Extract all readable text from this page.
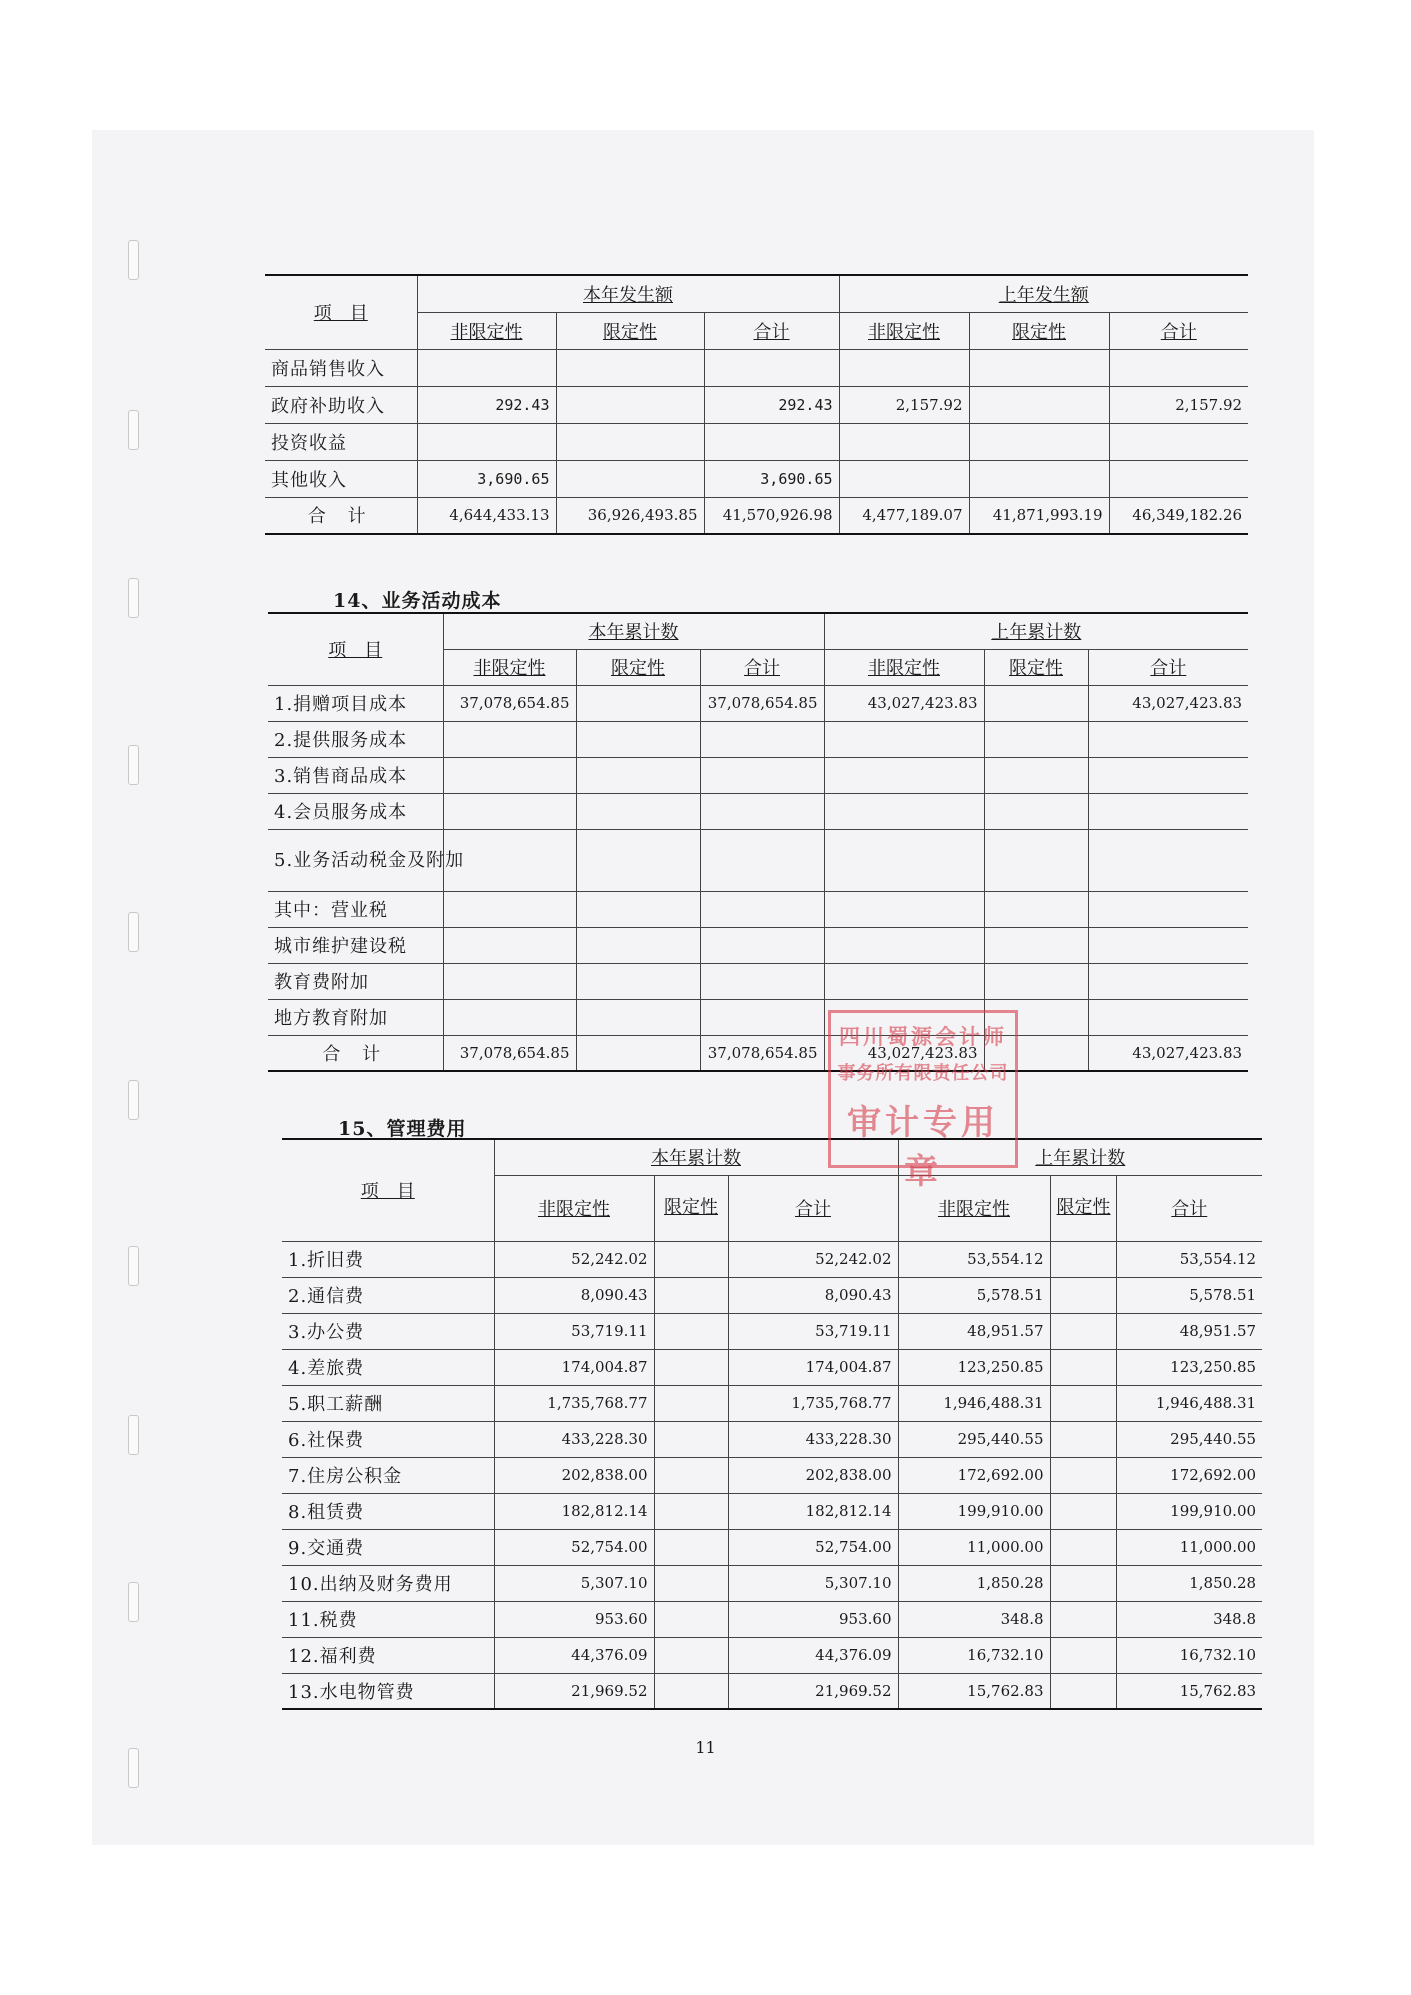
项　目	本年发生额			上年发生额		
	非限定性	限定性	合计	非限定性	限定性	合计
商品销售收入						
政府补助收入	292.43		292.43	2,157.92		2,157.92
投资收益						
其他收入	3,690.65		3,690.65			
合 计	4,644,433.13	36,926,493.85	41,570,926.98	4,477,189.07	41,871,993.19	46,349,182.26
14、业务活动成本
项　目	本年累计数			上年累计数		
	非限定性	限定性	合计	非限定性	限定性	合计
1.捐赠项目成本	37,078,654.85		37,078,654.85	43,027,423.83		43,027,423.83
2.提供服务成本						
3.销售商品成本						
4.会员服务成本						
5.业务活动税金及附加						
其中：营业税						
城市维护建设税						
教育费附加						
地方教育附加						
合 计	37,078,654.85		37,078,654.85	43,027,423.83		43,027,423.83
15、管理费用
项　目	本年累计数			上年累计数		
	非限定性	限定性	合计	非限定性	限定性	合计
1.折旧费	52,242.02		52,242.02	53,554.12		53,554.12
2.通信费	8,090.43		8,090.43	5,578.51		5,578.51
3.办公费	53,719.11		53,719.11	48,951.57		48,951.57
4.差旅费	174,004.87		174,004.87	123,250.85		123,250.85
5.职工薪酬	1,735,768.77		1,735,768.77	1,946,488.31		1,946,488.31
6.社保费	433,228.30		433,228.30	295,440.55		295,440.55
7.住房公积金	202,838.00		202,838.00	172,692.00		172,692.00
8.租赁费	182,812.14		182,812.14	199,910.00		199,910.00
9.交通费	52,754.00		52,754.00	11,000.00		11,000.00
10.出纳及财务费用	5,307.10		5,307.10	1,850.28		1,850.28
11.税费	953.60		953.60	348.8		348.8
12.福利费	44,376.09		44,376.09	16,732.10		16,732.10
13.水电物管费	21,969.52		21,969.52	15,762.83		15,762.83
四川蜀源会计师
事务所有限责任公司
审计专用章
11
